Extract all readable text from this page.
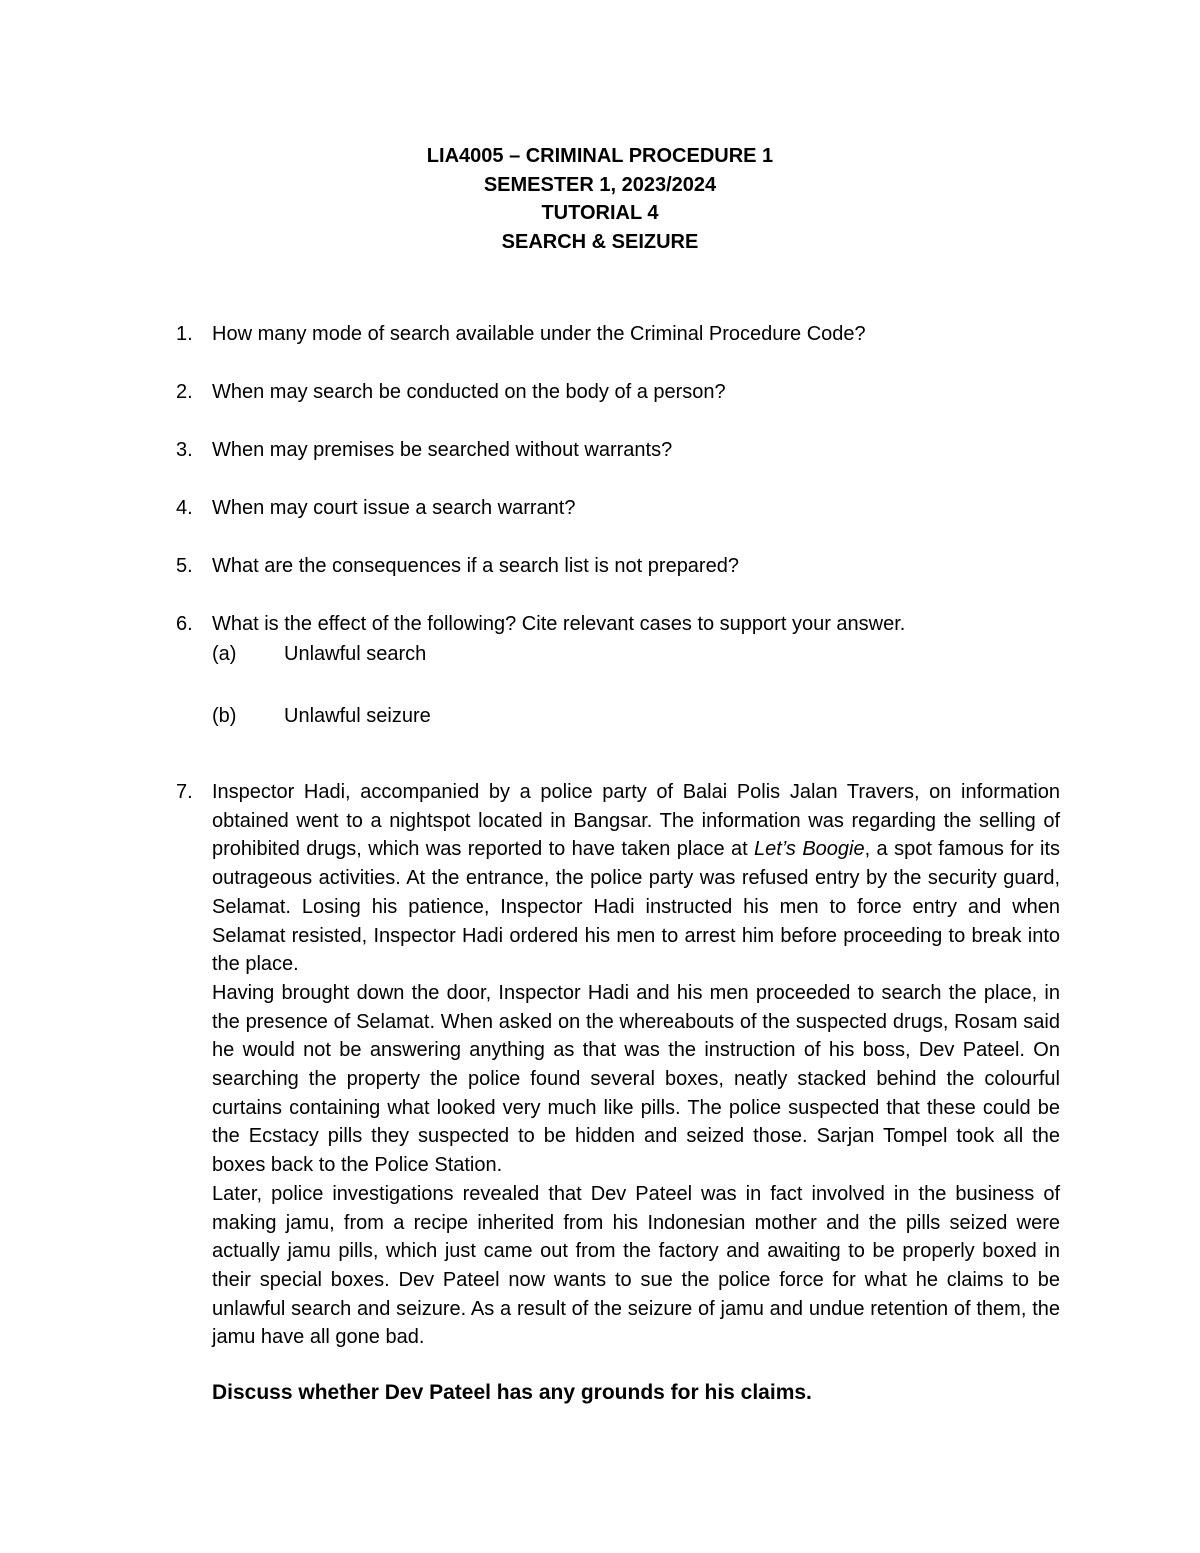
LIA4005 – CRIMINAL PROCEDURE 1
SEMESTER 1, 2023/2024
TUTORIAL 4
SEARCH & SEIZURE
1. How many mode of search available under the Criminal Procedure Code?
2. When may search be conducted on the body of a person?
3. When may premises be searched without warrants?
4. When may court issue a search warrant?
5. What are the consequences if a search list is not prepared?
6. What is the effect of the following? Cite relevant cases to support your answer.
(a) Unlawful search
(b) Unlawful seizure
7. Inspector Hadi, accompanied by a police party of Balai Polis Jalan Travers, on information obtained went to a nightspot located in Bangsar. The information was regarding the selling of prohibited drugs, which was reported to have taken place at Let’s Boogie, a spot famous for its outrageous activities. At the entrance, the police party was refused entry by the security guard, Selamat. Losing his patience, Inspector Hadi instructed his men to force entry and when Selamat resisted, Inspector Hadi ordered his men to arrest him before proceeding to break into the place.

Having brought down the door, Inspector Hadi and his men proceeded to search the place, in the presence of Selamat. When asked on the whereabouts of the suspected drugs, Rosam said he would not be answering anything as that was the instruction of his boss, Dev Pateel. On searching the property the police found several boxes, neatly stacked behind the colourful curtains containing what looked very much like pills. The police suspected that these could be the Ecstacy pills they suspected to be hidden and seized those. Sarjan Tompel took all the boxes back to the Police Station.

Later, police investigations revealed that Dev Pateel was in fact involved in the business of making jamu, from a recipe inherited from his Indonesian mother and the pills seized were actually jamu pills, which just came out from the factory and awaiting to be properly boxed in their special boxes. Dev Pateel now wants to sue the police force for what he claims to be unlawful search and seizure. As a result of the seizure of jamu and undue retention of them, the jamu have all gone bad.

Discuss whether Dev Pateel has any grounds for his claims.
